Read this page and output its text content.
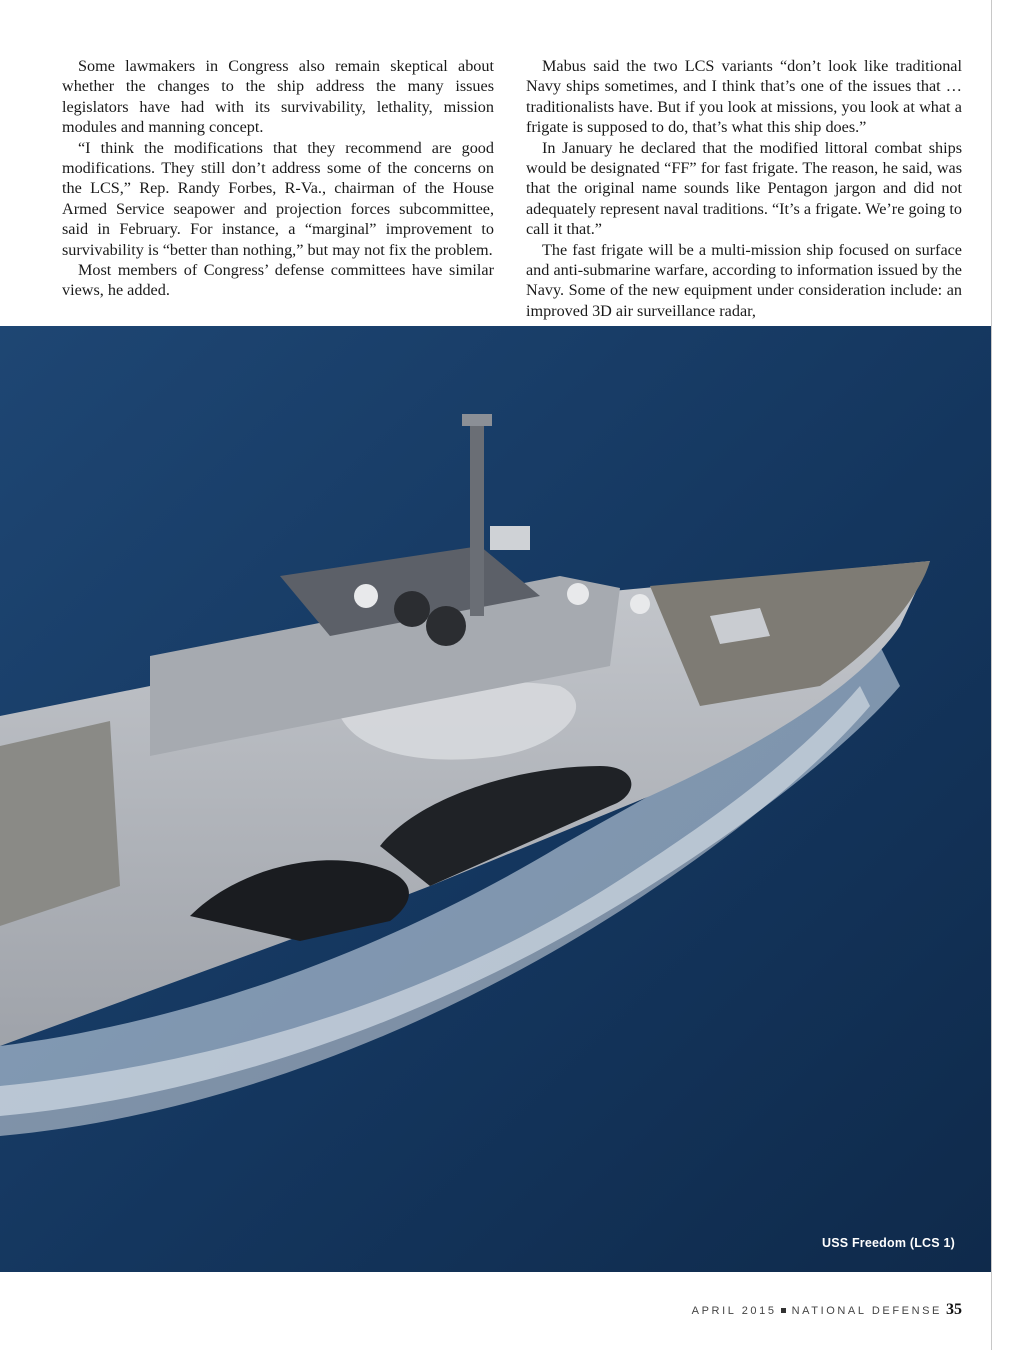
Some lawmakers in Congress also remain skeptical about whether the changes to the ship address the many issues legislators have had with its survivability, lethality, mission modules and manning concept.

“I think the modifications that they recommend are good modifications. They still don’t address some of the concerns on the LCS,” Rep. Randy Forbes, R-Va., chairman of the House Armed Service seapower and projection forces subcommittee, said in February. For instance, a “marginal” improvement to survivability is “better than nothing,” but may not fix the problem.

Most members of Congress’ defense committees have similar views, he added.

Mabus said the two LCS variants “don’t look like traditional Navy ships sometimes, and I think that’s one of the issues that … traditionalists have. But if you look at missions, you look at what a frigate is supposed to do, that’s what this ship does.”

In January he declared that the modified littoral combat ships would be designated “FF” for fast frigate. The reason, he said, was that the original name sounds like Pentagon jargon and did not adequately represent naval traditions. “It’s a frigate. We’re going to call it that.”

The fast frigate will be a multi-mission ship focused on surface and anti-submarine warfare, according to information issued by the Navy. Some of the new equipment under consideration include: an improved 3D air surveillance radar,

USS Freedom (LCS 1)
APRIL 2015 NATIONAL DEFENSE 35
